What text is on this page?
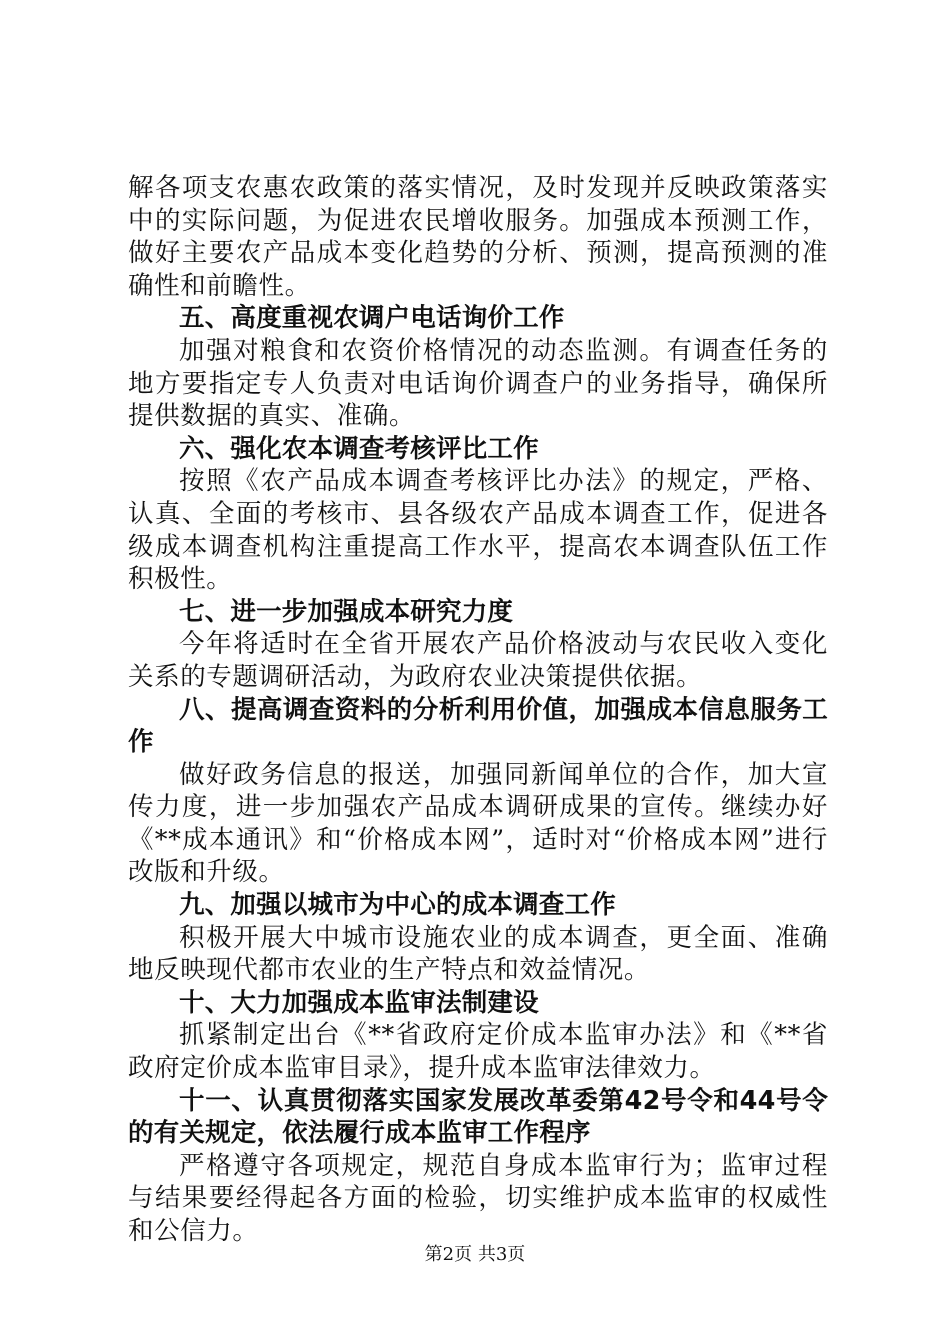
解各项支农惠农政策的落实情况，及时发现并反映政策落实中的实际问题，为促进农民增收服务。加强成本预测工作，做好主要农产品成本变化趋势的分析、预测，提高预测的准确性和前瞻性。

五、高度重视农调户电话询价工作

加强对粮食和农资价格情况的动态监测。有调查任务的地方要指定专人负责对电话询价调查户的业务指导，确保所提供数据的真实、准确。

六、强化农本调查考核评比工作

按照《农产品成本调查考核评比办法》的规定，严格、认真、全面的考核市、县各级农产品成本调查工作，促进各级成本调查机构注重提高工作水平，提高农本调查队伍工作积极性。

七、进一步加强成本研究力度

今年将适时在全省开展农产品价格波动与农民收入变化关系的专题调研活动，为政府农业决策提供依据。

八、提高调查资料的分析利用价值，加强成本信息服务工作

做好政务信息的报送，加强同新闻单位的合作，加大宣传力度，进一步加强农产品成本调研成果的宣传。继续办好《**成本通讯》和“价格成本网”，适时对“价格成本网”进行改版和升级。

九、加强以城市为中心的成本调查工作

积极开展大中城市设施农业的成本调查，更全面、准确地反映现代都市农业的生产特点和效益情况。

十、大力加强成本监审法制建设

抓紧制定出台《**省政府定价成本监审办法》和《**省政府定价成本监审目录》，提升成本监审法律效力。

十一、认真贯彻落实国家发展改革委第42号令和44号令的有关规定，依法履行成本监审工作程序

严格遵守各项规定，规范自身成本监审行为；监审过程与结果要经得起各方面的检验，切实维护成本监审的权威性和公信力。

第2页 共3页
